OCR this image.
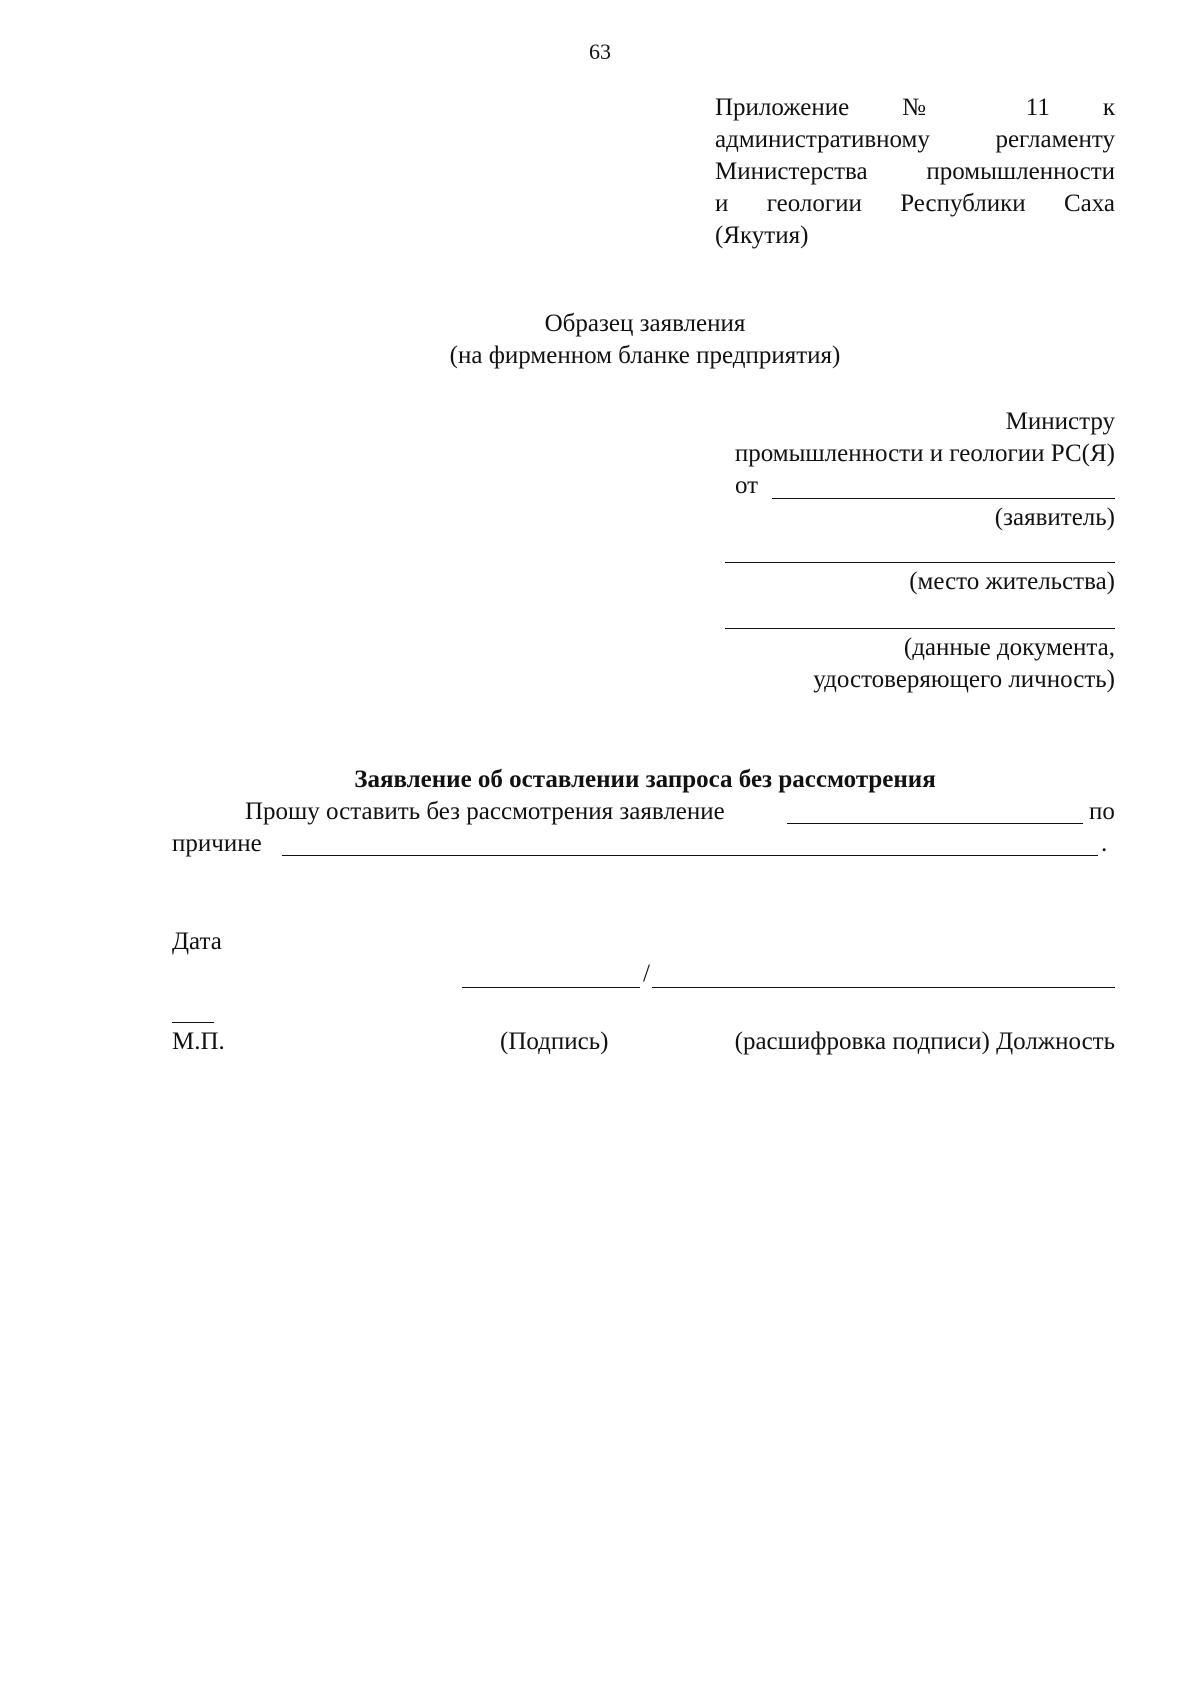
63
Приложение № 11 к
административному регламенту
Министерства промышленности
и геологии Республики Саха
(Якутия)
Образец заявления
(на фирменном бланке предприятия)
Министру
промышленности и геологии РС(Я)
от
(заявитель)
(место жительства)
(данные документа,
удостоверяющего личность)
Заявление об оставлении запроса без рассмотрения
Прошу оставить без рассмотрения заявление	по
причине	.
Дата
/
М.П.	(Подпись)	(расшифровка подписи) Должность
